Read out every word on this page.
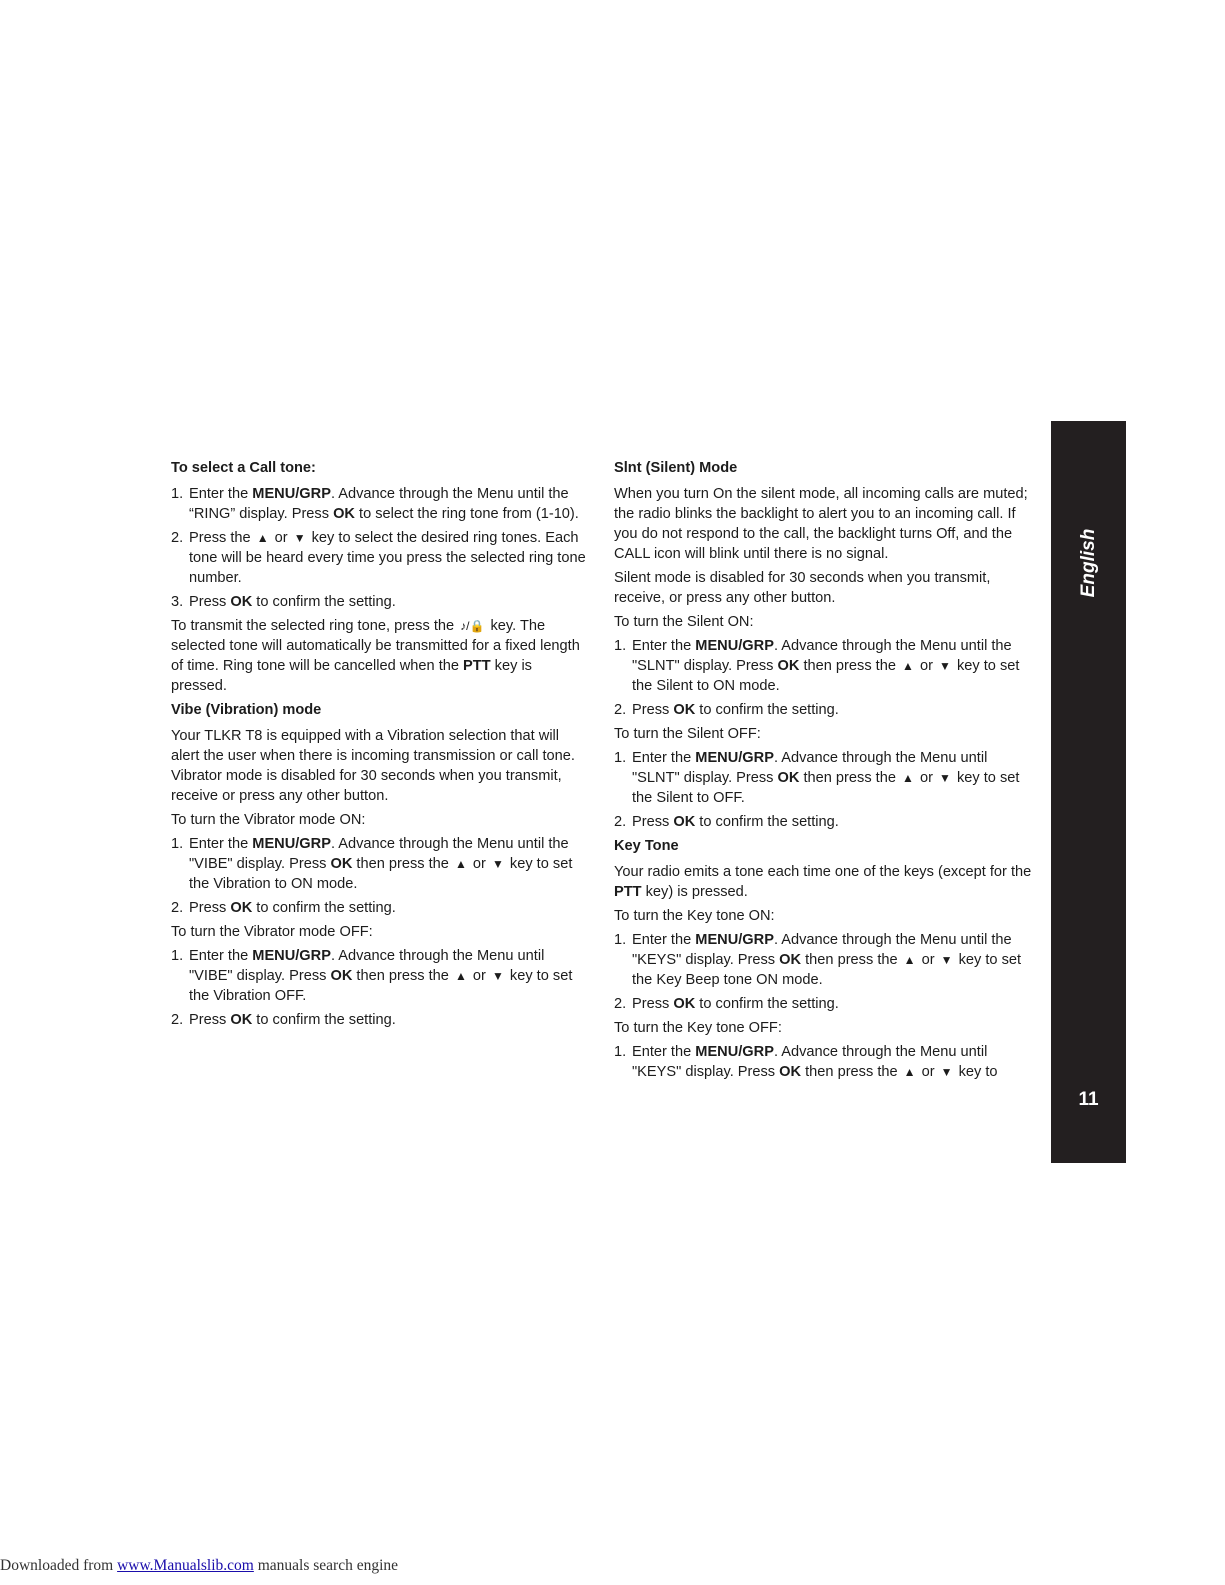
To select a Call tone:
1. Enter the MENU/GRP. Advance through the Menu until the “RING” display. Press OK to select the ring tone from (1-10).
2. Press the ▲ or ▼ key to select the desired ring tones. Each tone will be heard every time you press the selected ring tone number.
3. Press OK to confirm the setting.
To transmit the selected ring tone, press the ♪/🔒 key. The selected tone will automatically be transmitted for a fixed length of time. Ring tone will be cancelled when the PTT key is pressed.
Vibe (Vibration) mode
Your TLKR T8 is equipped with a Vibration selection that will alert the user when there is incoming transmission or call tone.
Vibrator mode is disabled for 30 seconds when you transmit, receive or press any other button.
To turn the Vibrator mode ON:
1. Enter the MENU/GRP. Advance through the Menu until the "VIBE" display. Press OK then press the ▲ or ▼ key to set the Vibration to ON mode.
2. Press OK to confirm the setting.
To turn the Vibrator mode OFF:
1. Enter the MENU/GRP. Advance through the Menu until "VIBE" display. Press OK then press the ▲ or ▼ key to set the Vibration OFF.
2. Press OK to confirm the setting.
Slnt (Silent) Mode
When you turn On the silent mode, all incoming calls are muted; the radio blinks the backlight to alert you to an incoming call. If you do not respond to the call, the backlight turns Off, and the CALL icon will blink until there is no signal.
Silent mode is disabled for 30 seconds when you transmit, receive, or press any other button.
To turn the Silent ON:
1. Enter the MENU/GRP. Advance through the Menu until the "SLNT" display. Press OK then press the ▲ or ▼ key to set the Silent to ON mode.
2. Press OK to confirm the setting.
To turn the Silent OFF:
1. Enter the MENU/GRP. Advance through the Menu until "SLNT" display. Press OK then press the ▲ or ▼ key to set the Silent to OFF.
2. Press OK to confirm the setting.
Key Tone
Your radio emits a tone each time one of the keys (except for the PTT key) is pressed.
To turn the Key tone ON:
1. Enter the MENU/GRP. Advance through the Menu until the "KEYS" display. Press OK then press the ▲ or ▼ key to set the Key Beep tone ON mode.
2. Press OK to confirm the setting.
To turn the Key tone OFF:
1. Enter the MENU/GRP. Advance through the Menu until "KEYS" display. Press OK then press the ▲ or ▼ key to
English
11
Downloaded from www.Manualslib.com manuals search engine
